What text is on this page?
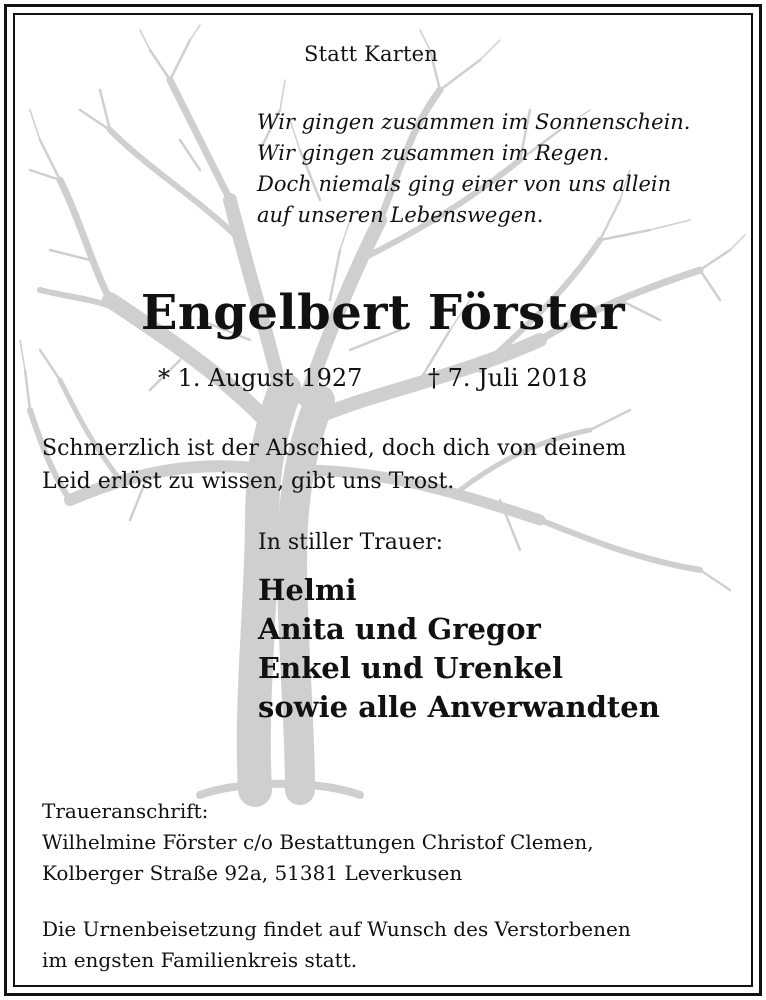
Statt Karten

Wir gingen zusammen im Sonnenschein.
Wir gingen zusammen im Regen.
Doch niemals ging einer von uns allein
auf unseren Lebenswegen.
Engelbert Förster

* 1. August 1927	† 7. Juli 2018

Schmerzlich ist der Abschied, doch dich von deinem
Leid erlöst zu wissen, gibt uns Trost.

In stiller Trauer:

Helmi
Anita und Gregor
Enkel und Urenkel
sowie alle Anverwandten
Traueranschrift:
Wilhelmine Förster c/o Bestattungen Christof Clemen,
Kolberger Straße 92a, 51381 Leverkusen
Die Urnenbeisetzung findet auf Wunsch des Verstorbenen
im engsten Familienkreis statt.
